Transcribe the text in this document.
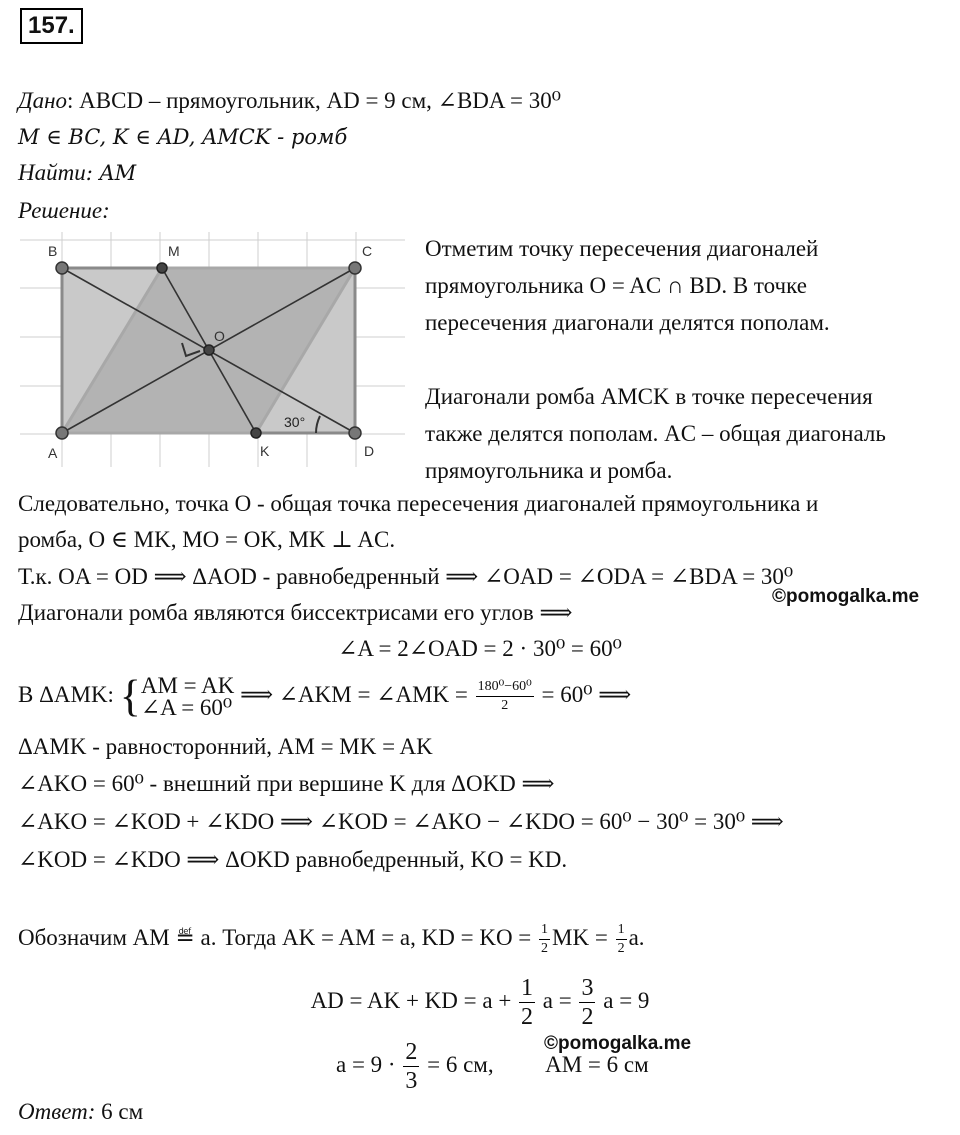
157.
Дано: ABCD – прямоугольник, AD = 9 см, ∠BDA = 30⁰
M ∈ BC, K ∈ AD, AMCK - ромб
Найти: AM
Решение:
B	M	C
O
A	K	D
30°
Отметим точку пересечения диагоналей
прямоугольника O = AC ∩ BD. В точке
пересечения диагонали делятся пополам.
Диагонали ромба AMCK в точке пересечения
также делятся пополам. AC – общая диагональ
прямоугольника и ромба.
Следовательно, точка O - общая точка пересечения диагоналей прямоугольника и
ромба, O ∈ MK, MO = OK, MK ⊥ AC.
Т.к. OA = OD ⟹ ΔAOD - равнобедренный ⟹ ∠OAD = ∠ODA = ∠BDA = 30⁰
©pomogalka.me
Диагонали ромба являются биссектрисами его углов ⟹
∠A = 2∠OAD = 2 · 30⁰ = 60⁰
В ΔAMK: { AM = AK
∠A = 60⁰
⟹ ∠AKM = ∠AMK = $\frac{\text{180⁰−60⁰}}{2} = 60^0$ ⟹
ΔAMK - равносторонний, AM = MK = AK
∠AKO = 60⁰ - внешний при вершине K для ΔOKD ⟹
∠AKO = ∠KOD + ∠KDO ⟹ ∠KOD = ∠AKO − ∠KDO = 60⁰ − 30⁰ = 30⁰ ⟹
∠KOD = ∠KDO ⟹ ΔOKD равнобедренный, KO = KD.
Обозначим AM ≝ a. Тогда AK = AM = a, KD = KO = $\frac{1}{2}$ MK = $\frac{1}{2} a$.
AD = AK + KD = $a + \frac{1}{2}$ $a = \frac{3}{2}$ a = 9
©pomogalka.me
$a = 9 \cdot \frac{2}{3} = 6$ см, AM = 6 см
Ответ: 6 см
